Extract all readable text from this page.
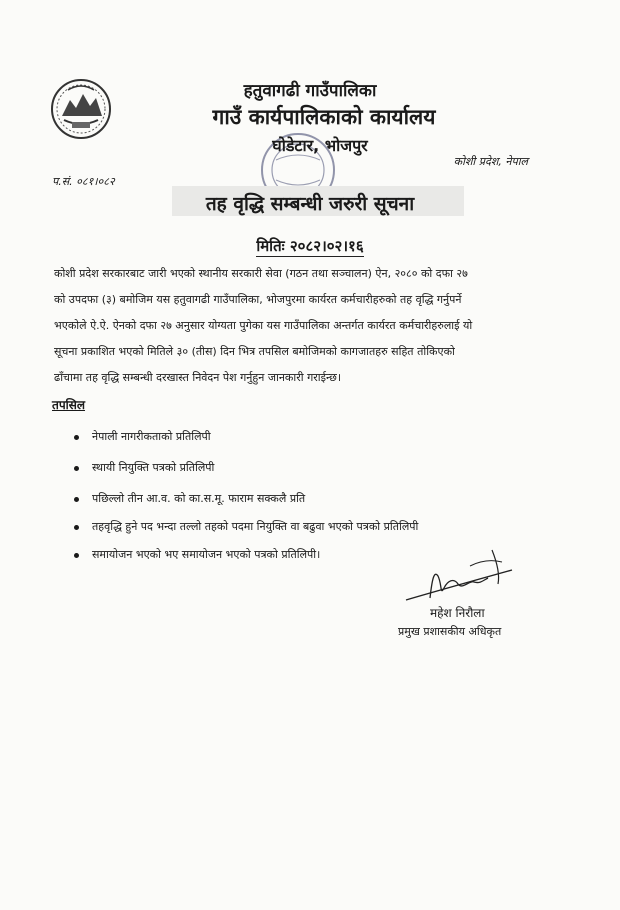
हतुवागढी गाउँपालिका
गाउँ कार्यपालिकाको कार्यालय
घोडेटार, भोजपुर
कोशी प्रदेश, नेपाल
प.सं. ०८१।०८२
तह वृद्धि सम्बन्धी जरुरी सूचना
मितिः २०८२।०२।१६
कोशी प्रदेश सरकारबाट जारी भएको स्थानीय सरकारी सेवा (गठन तथा सञ्चालन) ऐन, २०८० को दफा २७
को उपदफा (३) बमोजिम यस हतुवागढी गाउँपालिका, भोजपुरमा कार्यरत कर्मचारीहरुको तह वृद्धि गर्नुपर्ने
भएकोले ऐ.ऐ. ऐनको दफा २७ अनुसार योग्यता पुगेका यस गाउँपालिका अन्तर्गत कार्यरत कर्मचारीहरुलाई यो
सूचना प्रकाशित भएको मितिले ३० (तीस) दिन भित्र तपसिल बमोजिमको कागजातहरु सहित तोकिएको
ढाँचामा तह वृद्धि सम्बन्धी दरखास्त निवेदन पेश गर्नुहुन जानकारी गराईन्छ।
तपसिल
नेपाली नागरीकताको प्रतिलिपी
स्थायी नियुक्ति पत्रको प्रतिलिपी
पछिल्लो तीन आ.व. को का.स.मू. फाराम सक्कलै प्रति
तहवृद्धि हुने पद भन्दा तल्लो तहको पदमा नियुक्ति वा बढुवा भएको पत्रको प्रतिलिपी
समायोजन भएको भए समायोजन भएको पत्रको प्रतिलिपी।
महेश निरौला
प्रमुख प्रशासकीय अधिकृत
